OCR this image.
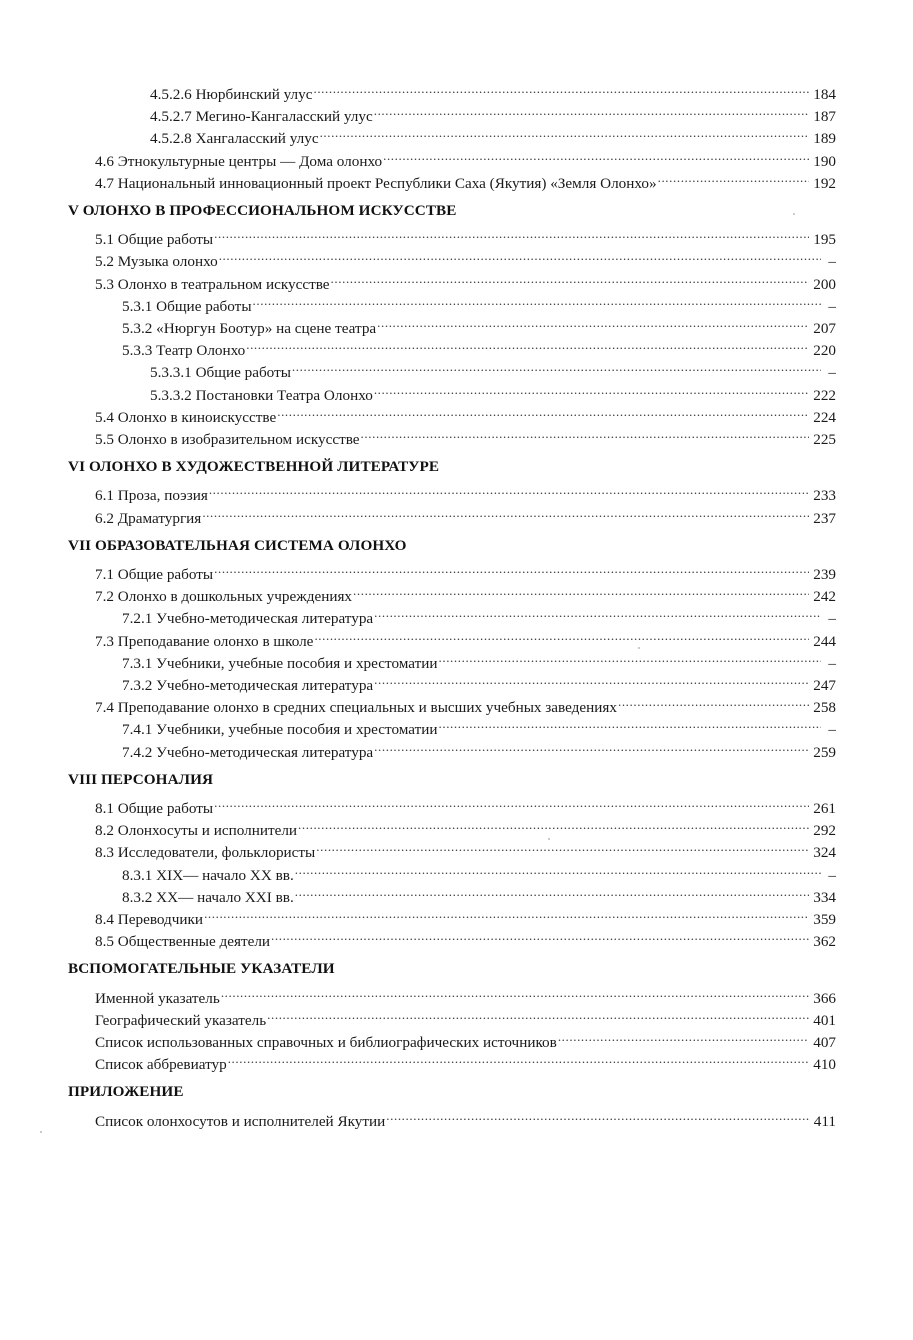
4.5.2.6 Нюрбинский улус .....	184
4.5.2.7 Мегино-Кангаласский улус .....	187
4.5.2.8 Хангаласский улус .....	189
4.6 Этнокультурные центры — Дома олонхо .....	190
4.7 Национальный инновационный проект Республики Саха (Якутия) «Земля Олонхо» .....	192
V ОЛОНХО В ПРОФЕССИОНАЛЬНОМ ИСКУССТВЕ
5.1 Общие работы .....	195
5.2 Музыка олонхо .....	–
5.3 Олонхо в театральном искусстве .....	200
5.3.1 Общие работы .....	–
5.3.2 «Нюргун Боотур» на сцене театра .....	207
5.3.3 Театр Олонхо .....	220
5.3.3.1 Общие работы .....	–
5.3.3.2 Постановки Театра Олонхо .....	222
5.4 Олонхо в киноискусстве .....	224
5.5 Олонхо в изобразительном искусстве .....	225
VI ОЛОНХО В ХУДОЖЕСТВЕННОЙ ЛИТЕРАТУРЕ
6.1 Проза, поэзия .....	233
6.2 Драматургия .....	237
VII ОБРАЗОВАТЕЛЬНАЯ СИСТЕМА ОЛОНХО
7.1 Общие работы .....	239
7.2 Олонхо в дошкольных учреждениях .....	242
7.2.1 Учебно-методическая литература .....	–
7.3 Преподавание олонхо в школе .....	244
7.3.1 Учебники, учебные пособия и хрестоматии .....	–
7.3.2 Учебно-методическая литература .....	247
7.4 Преподавание олонхо в средних специальных и высших учебных заведениях .....	258
7.4.1 Учебники, учебные пособия и хрестоматии .....	–
7.4.2 Учебно-методическая литература .....	259
VIII ПЕРСОНАЛИЯ
8.1 Общие работы .....	261
8.2 Олонхосуты и исполнители .....	292
8.3 Исследователи, фольклористы .....	324
8.3.1 XIX— начало XX вв. .....	–
8.3.2 XX— начало XXI вв. .....	334
8.4 Переводчики .....	359
8.5 Общественные деятели .....	362
ВСПОМОГАТЕЛЬНЫЕ УКАЗАТЕЛИ
Именной указатель .....	366
Географический указатель .....	401
Список использованных справочных и библиографических источников .....	407
Список аббревиатур .....	410
ПРИЛОЖЕНИЕ
Список олонхосутов и исполнителей Якутии .....	411
